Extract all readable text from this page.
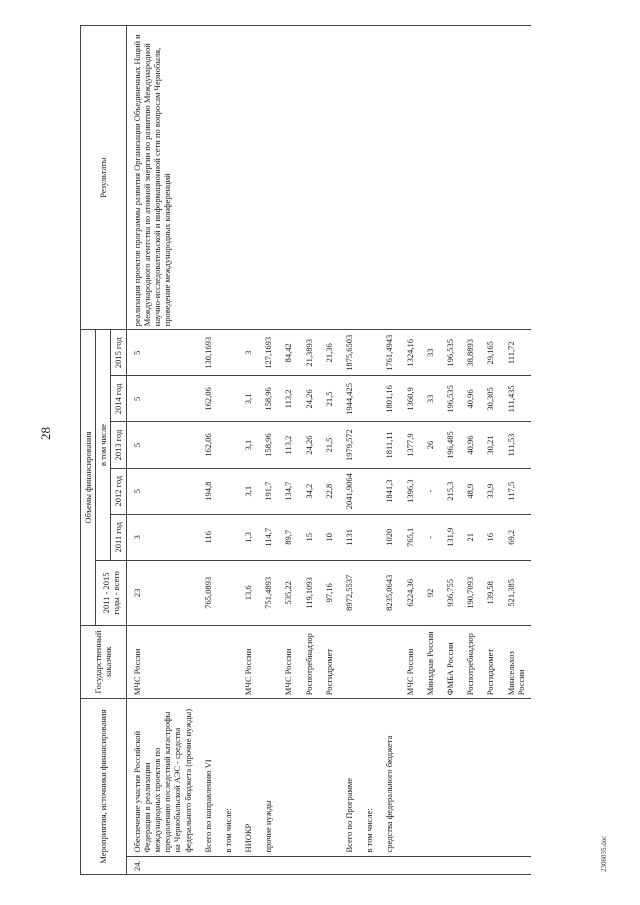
28
2306035.doc
Мероприятия, источники финансирования		Государственный заказчик	Объемы финансирования						Результаты
			2011 - 2015 годы - всего	в том числе					
				2011 год	2012 год	2013 год	2014 год	2015 год	
24.	Обеспечение участия Российской Федерации в реализации международных проектов по преодолению последствий катастрофы на Чернобыльской АЭС - средства федерального бюджета (прочие нужды)	МЧС России	23	3	5	5	5	5	реализация проектов программы развития Организации Объединенных Наций и Международного агентства по атомной энергии по развитию Международной научно-исследовательской и информационной сети по вопросам Чернобыля, проведение международных конференций
	Всего по направлению VI		765,0893	116	194,8	162,06	162,06	130,1693	
	в том числе:								
	НИОКР	МЧС России	13,6	1,3	3,1	3,1	3,1	3	
	прочие нужды		751,4893	114,7	191,7	158,96	158,96	127,1693	
		МЧС России	535,22	89,7	134,7	113,2	113,2	84,42	
		Роспотребнадзор	119,1093	15	34,2	24,26	24,26	21,3893	
		Росгидромет	97,16	10	22,8	21,5	21,5	21,36	
	Всего по Программе		8972,5537	1131	2041,9064	1979,572	1944,425	1875,6503	
	в том числе:								
	средства федерального бюджета		8235,0643	1020	1841,3	1811,11	1801,16	1761,4943	
		МЧС России	6224,36	765,1	1396,3	1377,9	1360,9	1324,16	
		Минздрав России	92	-	-	26	33	33	
		ФМБА России	936,755	131,9	215,3	196,485	196,535	196,535	
		Роспотребнадзор	190,7093	21	48,9	40,96	40,96	38,8893	
		Росгидромет	139,58	16	33,9	30,21	30,305	29,165	
		Минсельхоз России	521,385	69,2	117,5	111,53	111,435	111,72	
